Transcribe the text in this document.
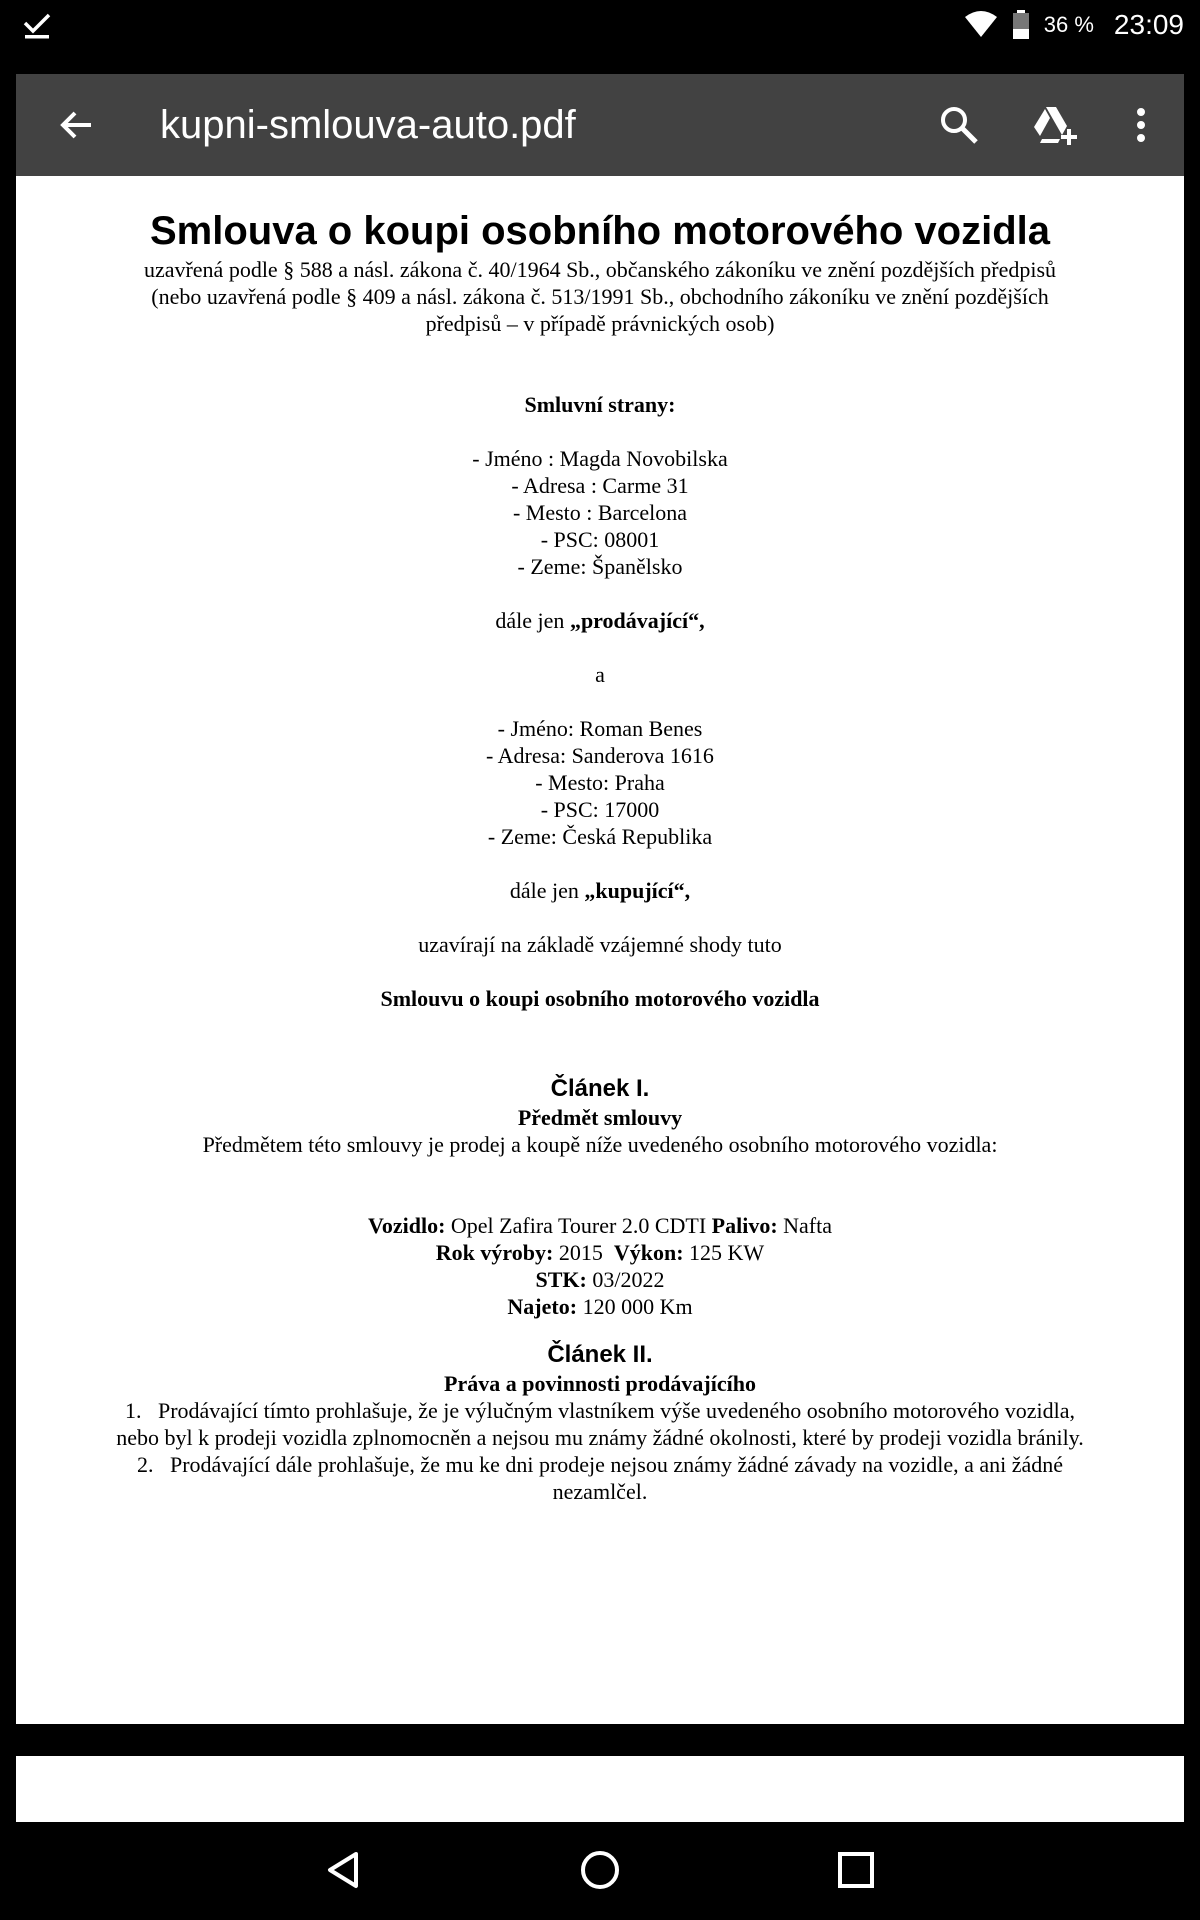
36 % 23:09
kupni-smlouva-auto.pdf
Smlouva o koupi osobního motorového vozidla

uzavřená podle § 588 a násl. zákona č. 40/1964 Sb., občanského zákoníku ve znění pozdějších předpisů

(nebo uzavřená podle § 409 a násl. zákona č. 513/1991 Sb., obchodního zákoníku ve znění pozdějších předpisů – v případě právnických osob)

Smluvní strany:
- Jméno : Magda Novobilska
- Adresa : Carme 31
- Mesto : Barcelona
- PSC: 08001
- Zeme: Španělsko
dále jen „prodávající“,
a
- Jméno: Roman Benes
- Adresa: Sanderova 1616
- Mesto: Praha
- PSC: 17000
- Zeme: Česká Republika
dále jen „kupující“,
uzavírají na základě vzájemné shody tuto
Smlouvu o koupi osobního motorového vozidla
Článek I.
Předmět smlouvy
Předmětem této smlouvy je prodej a koupě níže uvedeného osobního motorového vozidla:
Vozidlo: Opel Zafira Tourer 2.0 CDTI Palivo: Nafta
Rok výroby: 2015  Výkon: 125 KW
STK: 03/2022
Najeto: 120 000 Km
Článek II.
Práva a povinnosti prodávajícího
1. Prodávající tímto prohlašuje, že je výlučným vlastníkem výše uvedeného osobního motorového vozidla, nebo byl k prodeji vozidla zplnomocněn a nejsou mu známy žádné okolnosti, které by prodeji vozidla bránily.
2. Prodávající dále prohlašuje, že mu ke dni prodeje nejsou známy žádné závady na vozidle, a ani žádné nezamlčel.
